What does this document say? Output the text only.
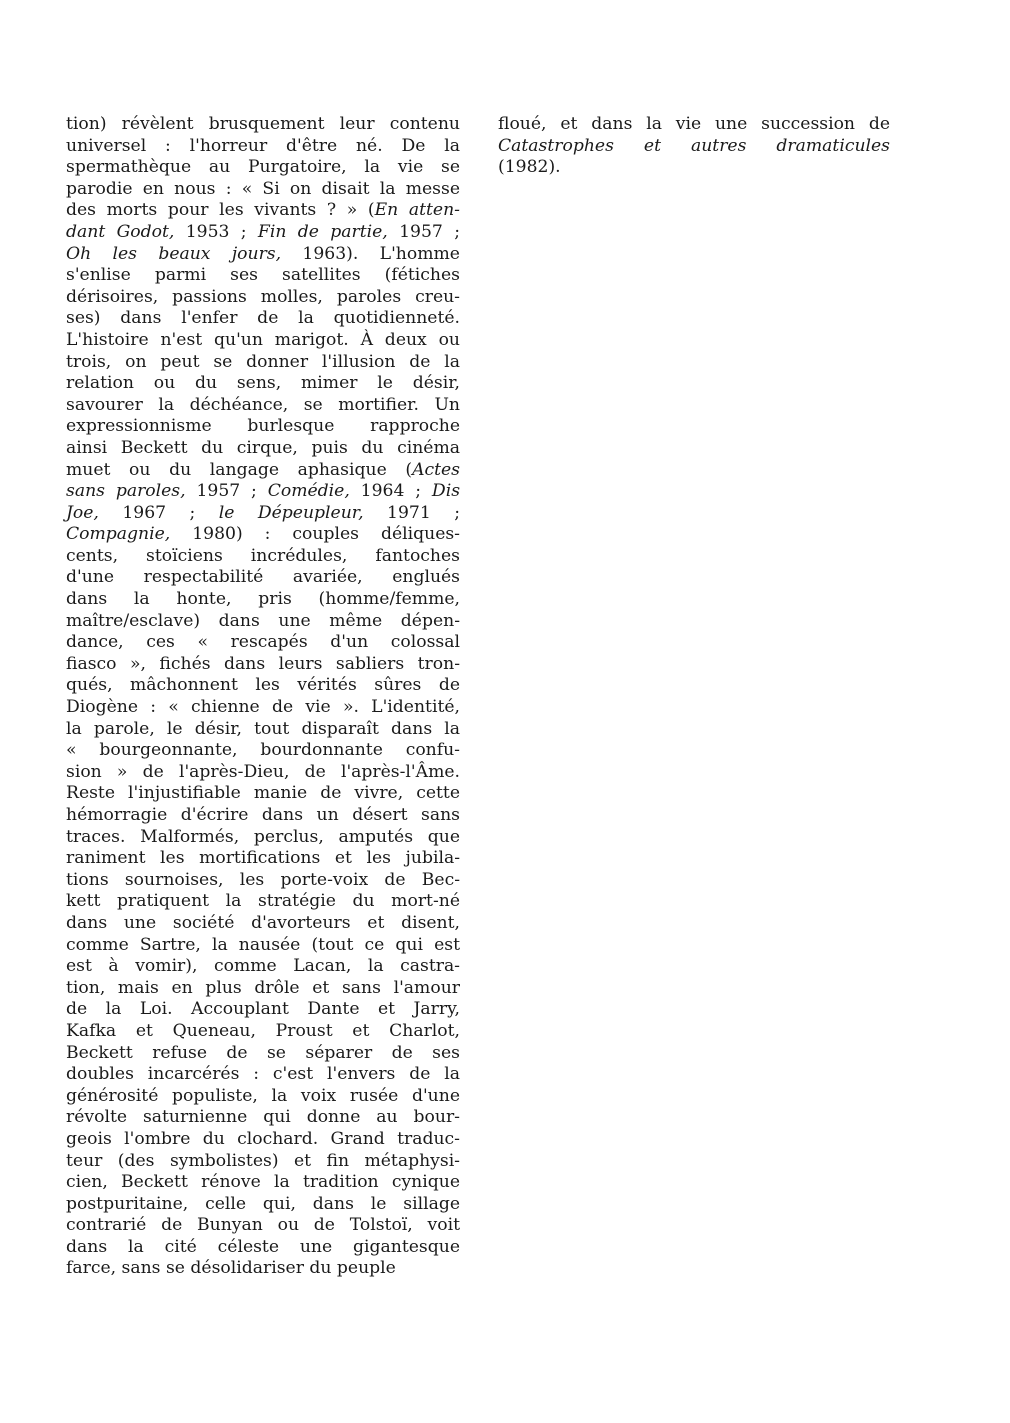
tion) révèlent brusquement leur contenu
universel : l'horreur d'être né. De la
spermathèque au Purgatoire, la vie se
parodie en nous : « Si on disait la messe
des morts pour les vivants ? » (En atten-
dant Godot, 1953 ; Fin de partie, 1957 ;
Oh les beaux jours, 1963). L'homme
s'enlise parmi ses satellites (fétiches
dérisoires, passions molles, paroles creu-
ses) dans l'enfer de la quotidienneté.
L'histoire n'est qu'un marigot. À deux ou
trois, on peut se donner l'illusion de la
relation ou du sens, mimer le désir,
savourer la déchéance, se mortifier. Un
expressionnisme burlesque rapproche
ainsi Beckett du cirque, puis du cinéma
muet ou du langage aphasique (Actes
sans paroles, 1957 ; Comédie, 1964 ; Dis
Joe, 1967 ; le Dépeupleur, 1971 ;
Compagnie, 1980) : couples déliques-
cents, stoïciens incrédules, fantoches
d'une respectabilité avariée, englués
dans la honte, pris (homme/femme,
maître/esclave) dans une même dépen-
dance, ces « rescapés d'un colossal
fiasco », fichés dans leurs sabliers tron-
qués, mâchonnent les vérités sûres de
Diogène : « chienne de vie ». L'identité,
la parole, le désir, tout disparaît dans la
« bourgeonnante, bourdonnante confu-
sion » de l'après-Dieu, de l'après-l'Âme.
Reste l'injustifiable manie de vivre, cette
hémorragie d'écrire dans un désert sans
traces. Malformés, perclus, amputés que
raniment les mortifications et les jubila-
tions sournoises, les porte-voix de Bec-
kett pratiquent la stratégie du mort-né
dans une société d'avorteurs et disent,
comme Sartre, la nausée (tout ce qui est
est à vomir), comme Lacan, la castra-
tion, mais en plus drôle et sans l'amour
de la Loi. Accouplant Dante et Jarry,
Kafka et Queneau, Proust et Charlot,
Beckett refuse de se séparer de ses
doubles incarcérés : c'est l'envers de la
générosité populiste, la voix rusée d'une
révolte saturnienne qui donne au bour-
geois l'ombre du clochard. Grand traduc-
teur (des symbolistes) et fin métaphysi-
cien, Beckett rénove la tradition cynique
postpuritaine, celle qui, dans le sillage
contrarié de Bunyan ou de Tolstoï, voit
dans la cité céleste une gigantesque
farce, sans se désolidariser du peuple
floué, et dans la vie une succession de
Catastrophes et autres dramaticules
(1982).
